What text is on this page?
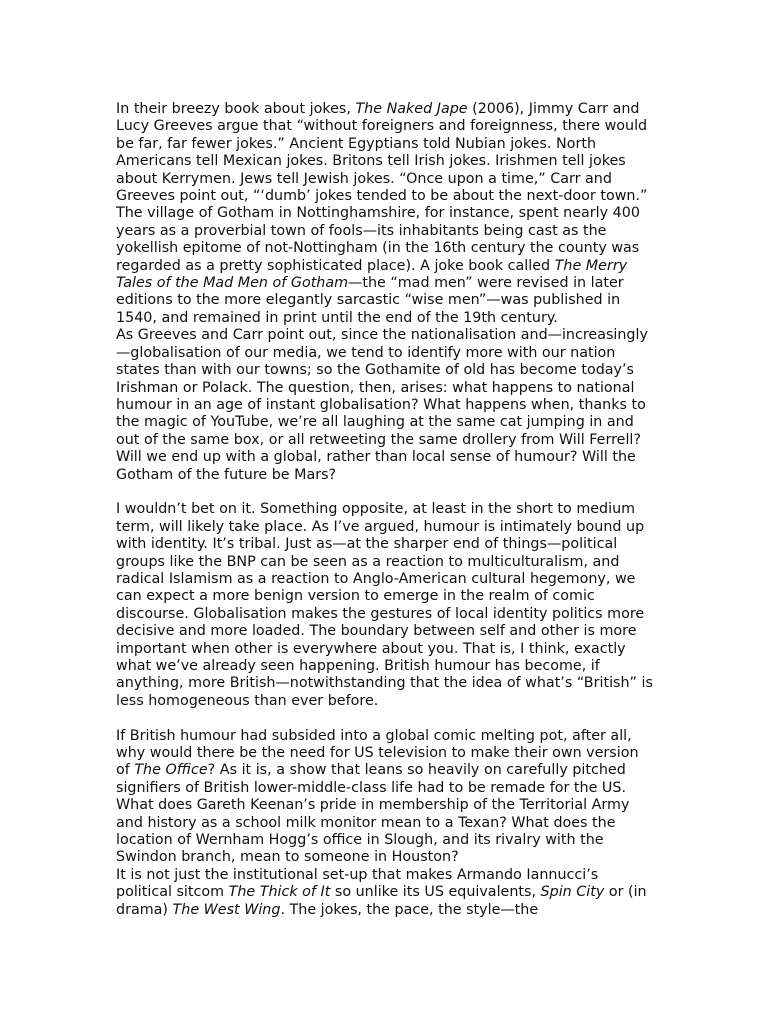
In their breezy book about jokes, The Naked Jape (2006), Jimmy Carr and Lucy Greeves argue that “without foreigners and foreignness, there would be far, far fewer jokes.” Ancient Egyptians told Nubian jokes. North Americans tell Mexican jokes. Britons tell Irish jokes. Irishmen tell jokes about Kerrymen. Jews tell Jewish jokes. “Once upon a time,” Carr and Greeves point out, “‘dumb’ jokes tended to be about the next-door town.” The village of Gotham in Nottinghamshire, for instance, spent nearly 400 years as a proverbial town of fools—its inhabitants being cast as the yokellish epitome of not-Nottingham (in the 16th century the county was regarded as a pretty sophisticated place). A joke book called The Merry Tales of the Mad Men of Gotham—the “mad men” were revised in later editions to the more elegantly sarcastic “wise men”—was published in 1540, and remained in print until the end of the 19th century.

As Greeves and Carr point out, since the nationalisation and—increasingly—globalisation of our media, we tend to identify more with our nation states than with our towns; so the Gothamite of old has become today’s Irishman or Polack. The question, then, arises: what happens to national humour in an age of instant globalisation? What happens when, thanks to the magic of YouTube, we’re all laughing at the same cat jumping in and out of the same box, or all retweeting the same drollery from Will Ferrell? Will we end up with a global, rather than local sense of humour? Will the Gotham of the future be Mars?

I wouldn’t bet on it. Something opposite, at least in the short to medium term, will likely take place. As I’ve argued, humour is intimately bound up with identity. It’s tribal. Just as—at the sharper end of things—political groups like the BNP can be seen as a reaction to multiculturalism, and radical Islamism as a reaction to Anglo-American cultural hegemony, we can expect a more benign version to emerge in the realm of comic discourse. Globalisation makes the gestures of local identity politics more decisive and more loaded. The boundary between self and other is more important when other is everywhere about you. That is, I think, exactly what we’ve already seen happening. British humour has become, if anything, more British—notwithstanding that the idea of what’s “British” is less homogeneous than ever before.

If British humour had subsided into a global comic melting pot, after all, why would there be the need for US television to make their own version of The Office? As it is, a show that leans so heavily on carefully pitched signifiers of British lower-middle-class life had to be remade for the US. What does Gareth Keenan’s pride in membership of the Territorial Army and history as a school milk monitor mean to a Texan? What does the location of Wernham Hogg’s office in Slough, and its rivalry with the Swindon branch, mean to someone in Houston?

It is not just the institutional set-up that makes Armando Iannucci’s political sitcom The Thick of It so unlike its US equivalents, Spin City or (in drama) The West Wing. The jokes, the pace, the style—the
